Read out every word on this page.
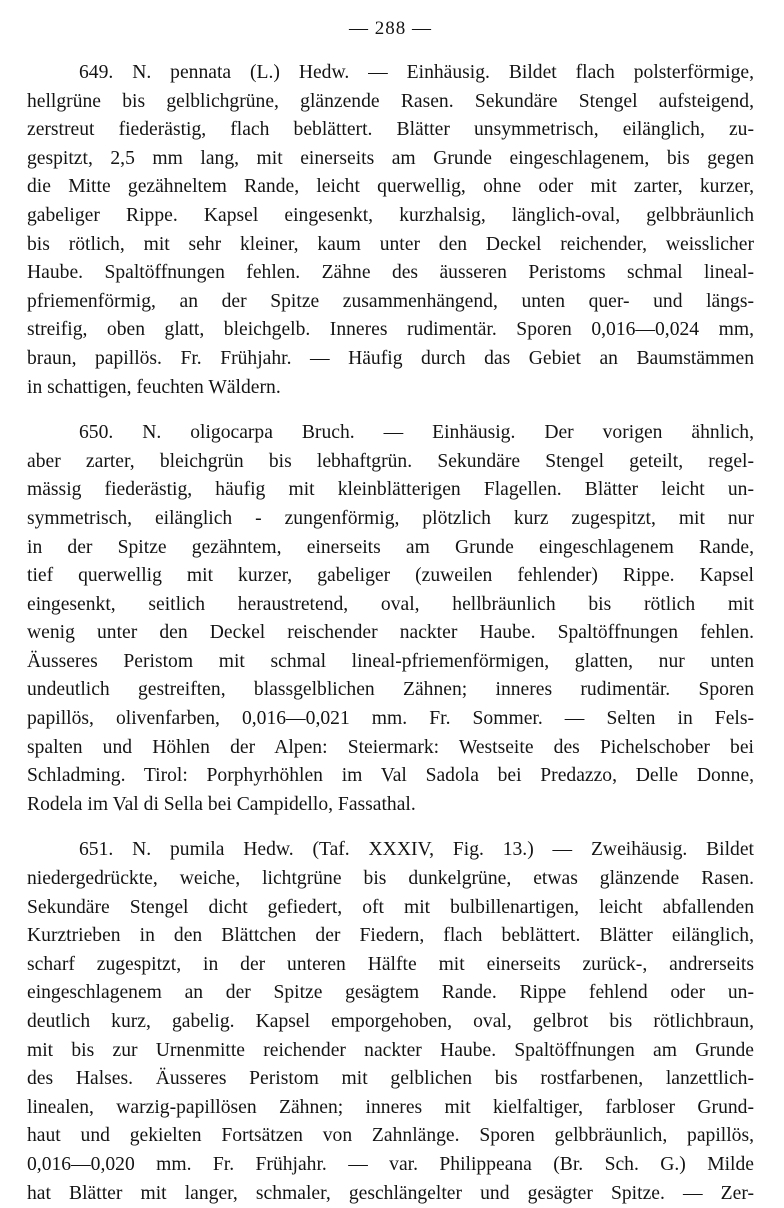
— 288 —
649. N. pennata (L.) Hedw. — Einhäusig. Bildet flach polsterförmige,
hellgrüne bis gelblichgrüne, glänzende Rasen. Sekundäre Stengel aufsteigend,
zerstreut fiederästig, flach beblättert. Blätter unsymmetrisch, eilänglich, zu-
gespitzt, 2,5 mm lang, mit einerseits am Grunde eingeschlagenem, bis gegen
die Mitte gezähneltem Rande, leicht querwellig, ohne oder mit zarter, kurzer,
gabeliger Rippe. Kapsel eingesenkt, kurzhalsig, länglich-oval, gelbbräunlich
bis rötlich, mit sehr kleiner, kaum unter den Deckel reichender, weisslicher
Haube. Spaltöffnungen fehlen. Zähne des äusseren Peristoms schmal lineal-
pfriemenförmig, an der Spitze zusammenhängend, unten quer- und längs-
streifig, oben glatt, bleichgelb. Inneres rudimentär. Sporen 0,016—0,024 mm,
braun, papillös. Fr. Frühjahr. — Häufig durch das Gebiet an Baumstämmen
in schattigen, feuchten Wäldern.
650. N. oligocarpa Bruch. — Einhäusig. Der vorigen ähnlich,
aber zarter, bleichgrün bis lebhaftgrün. Sekundäre Stengel geteilt, regel-
mässig fiederästig, häufig mit kleinblätterigen Flagellen. Blätter leicht un-
symmetrisch, eilänglich - zungenförmig, plötzlich kurz zugespitzt, mit nur
in der Spitze gezähntem, einerseits am Grunde eingeschlagenem Rande,
tief querwellig mit kurzer, gabeliger (zuweilen fehlender) Rippe. Kapsel
eingesenkt, seitlich heraustretend, oval, hellbräunlich bis rötlich mit
wenig unter den Deckel reischender nackter Haube. Spaltöffnungen fehlen.
Äusseres Peristom mit schmal lineal-pfriemenförmigen, glatten, nur unten
undeutlich gestreiften, blassgelblichen Zähnen; inneres rudimentär. Sporen
papillös, olivenfarben, 0,016—0,021 mm. Fr. Sommer. — Selten in Fels-
spalten und Höhlen der Alpen: Steiermark: Westseite des Pichelschober bei
Schladming. Tirol: Porphyrhöhlen im Val Sadola bei Predazzo, Delle Donne,
Rodela im Val di Sella bei Campidello, Fassathal.
651. N. pumila Hedw. (Taf. XXXIV, Fig. 13.) — Zweihäusig. Bildet
niedergedrückte, weiche, lichtgrüne bis dunkelgrüne, etwas glänzende Rasen.
Sekundäre Stengel dicht gefiedert, oft mit bulbillenartigen, leicht abfallenden
Kurztrieben in den Blättchen der Fiedern, flach beblättert. Blätter eilänglich,
scharf zugespitzt, in der unteren Hälfte mit einerseits zurück-, andrerseits
eingeschlagenem an der Spitze gesägtem Rande. Rippe fehlend oder un-
deutlich kurz, gabelig. Kapsel emporgehoben, oval, gelbrot bis rötlichbraun,
mit bis zur Urnenmitte reichender nackter Haube. Spaltöffnungen am Grunde
des Halses. Äusseres Peristom mit gelblichen bis rostfarbenen, lanzettlich-
linealen, warzig-papillösen Zähnen; inneres mit kielfaltiger, farbloser Grund-
haut und gekielten Fortsätzen von Zahnlänge. Sporen gelbbräunlich, papillös,
0,016—0,020 mm. Fr. Frühjahr. — var. Philippeana (Br. Sch. G.) Milde
hat Blätter mit langer, schmaler, geschlängelter und gesägter Spitze. — Zer-
